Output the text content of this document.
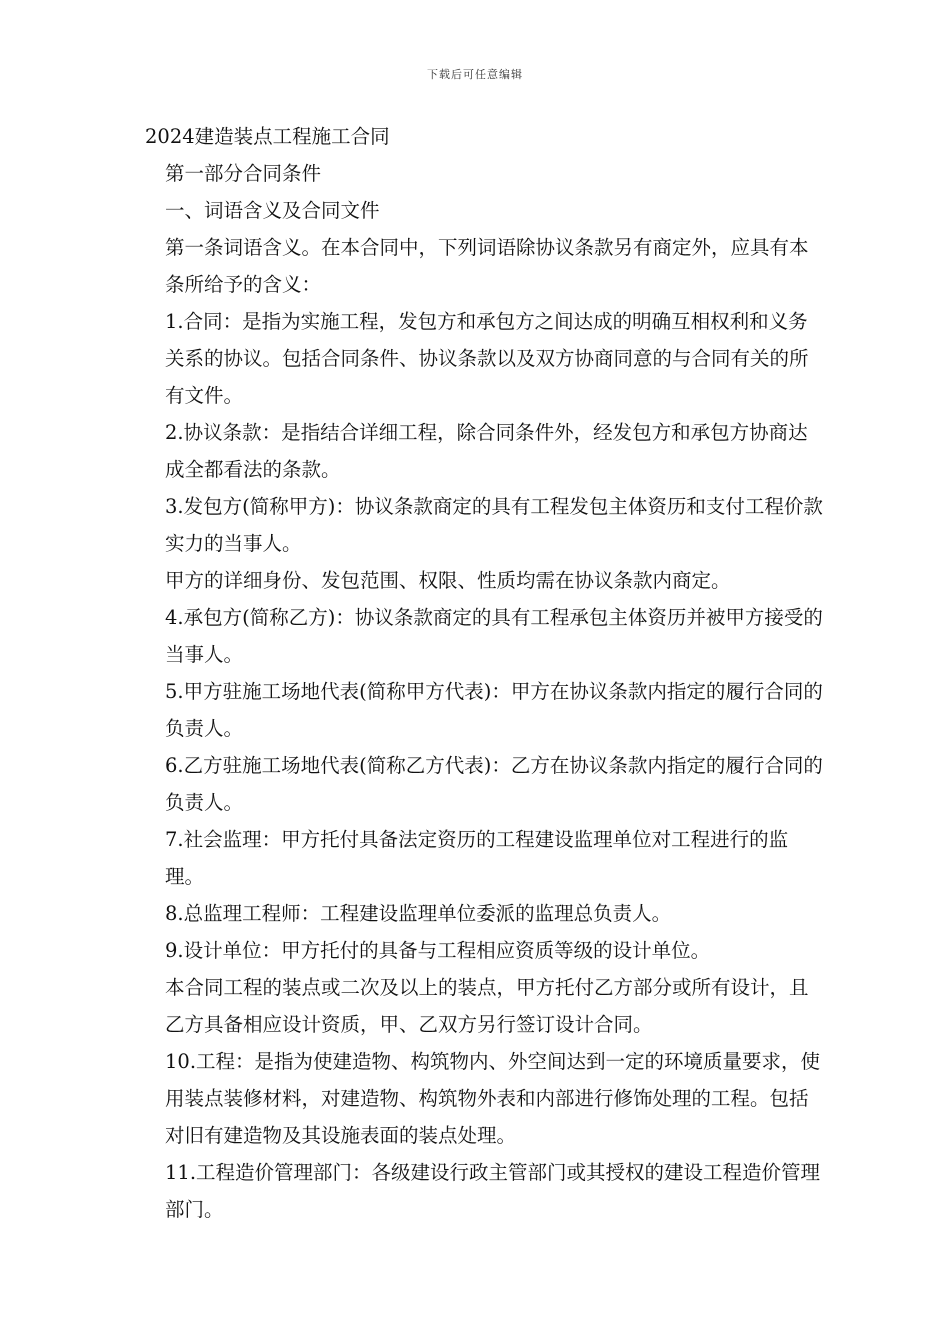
下载后可任意编辑

2024建造装点工程施工合同

第一部分合同条件

一、词语含义及合同文件

第一条词语含义。在本合同中，下列词语除协议条款另有商定外，应具有本条所给予的含义：

1.合同：是指为实施工程，发包方和承包方之间达成的明确互相权利和义务关系的协议。包括合同条件、协议条款以及双方协商同意的与合同有关的所有文件。

2.协议条款：是指结合详细工程，除合同条件外，经发包方和承包方协商达成全都看法的条款。

3.发包方(简称甲方)：协议条款商定的具有工程发包主体资历和支付工程价款实力的当事人。

甲方的详细身份、发包范围、权限、性质均需在协议条款内商定。

4.承包方(简称乙方)：协议条款商定的具有工程承包主体资历并被甲方接受的当事人。

5.甲方驻施工场地代表(简称甲方代表)：甲方在协议条款内指定的履行合同的负责人。

6.乙方驻施工场地代表(简称乙方代表)：乙方在协议条款内指定的履行合同的负责人。

7.社会监理：甲方托付具备法定资历的工程建设监理单位对工程进行的监理。

8.总监理工程师：工程建设监理单位委派的监理总负责人。

9.设计单位：甲方托付的具备与工程相应资质等级的设计单位。

本合同工程的装点或二次及以上的装点，甲方托付乙方部分或所有设计，且乙方具备相应设计资质，甲、乙双方另行签订设计合同。

10.工程：是指为使建造物、构筑物内、外空间达到一定的环境质量要求，使用装点装修材料，对建造物、构筑物外表和内部进行修饰处理的工程。包括对旧有建造物及其设施表面的装点处理。

11.工程造价管理部门：各级建设行政主管部门或其授权的建设工程造价管理部门。
